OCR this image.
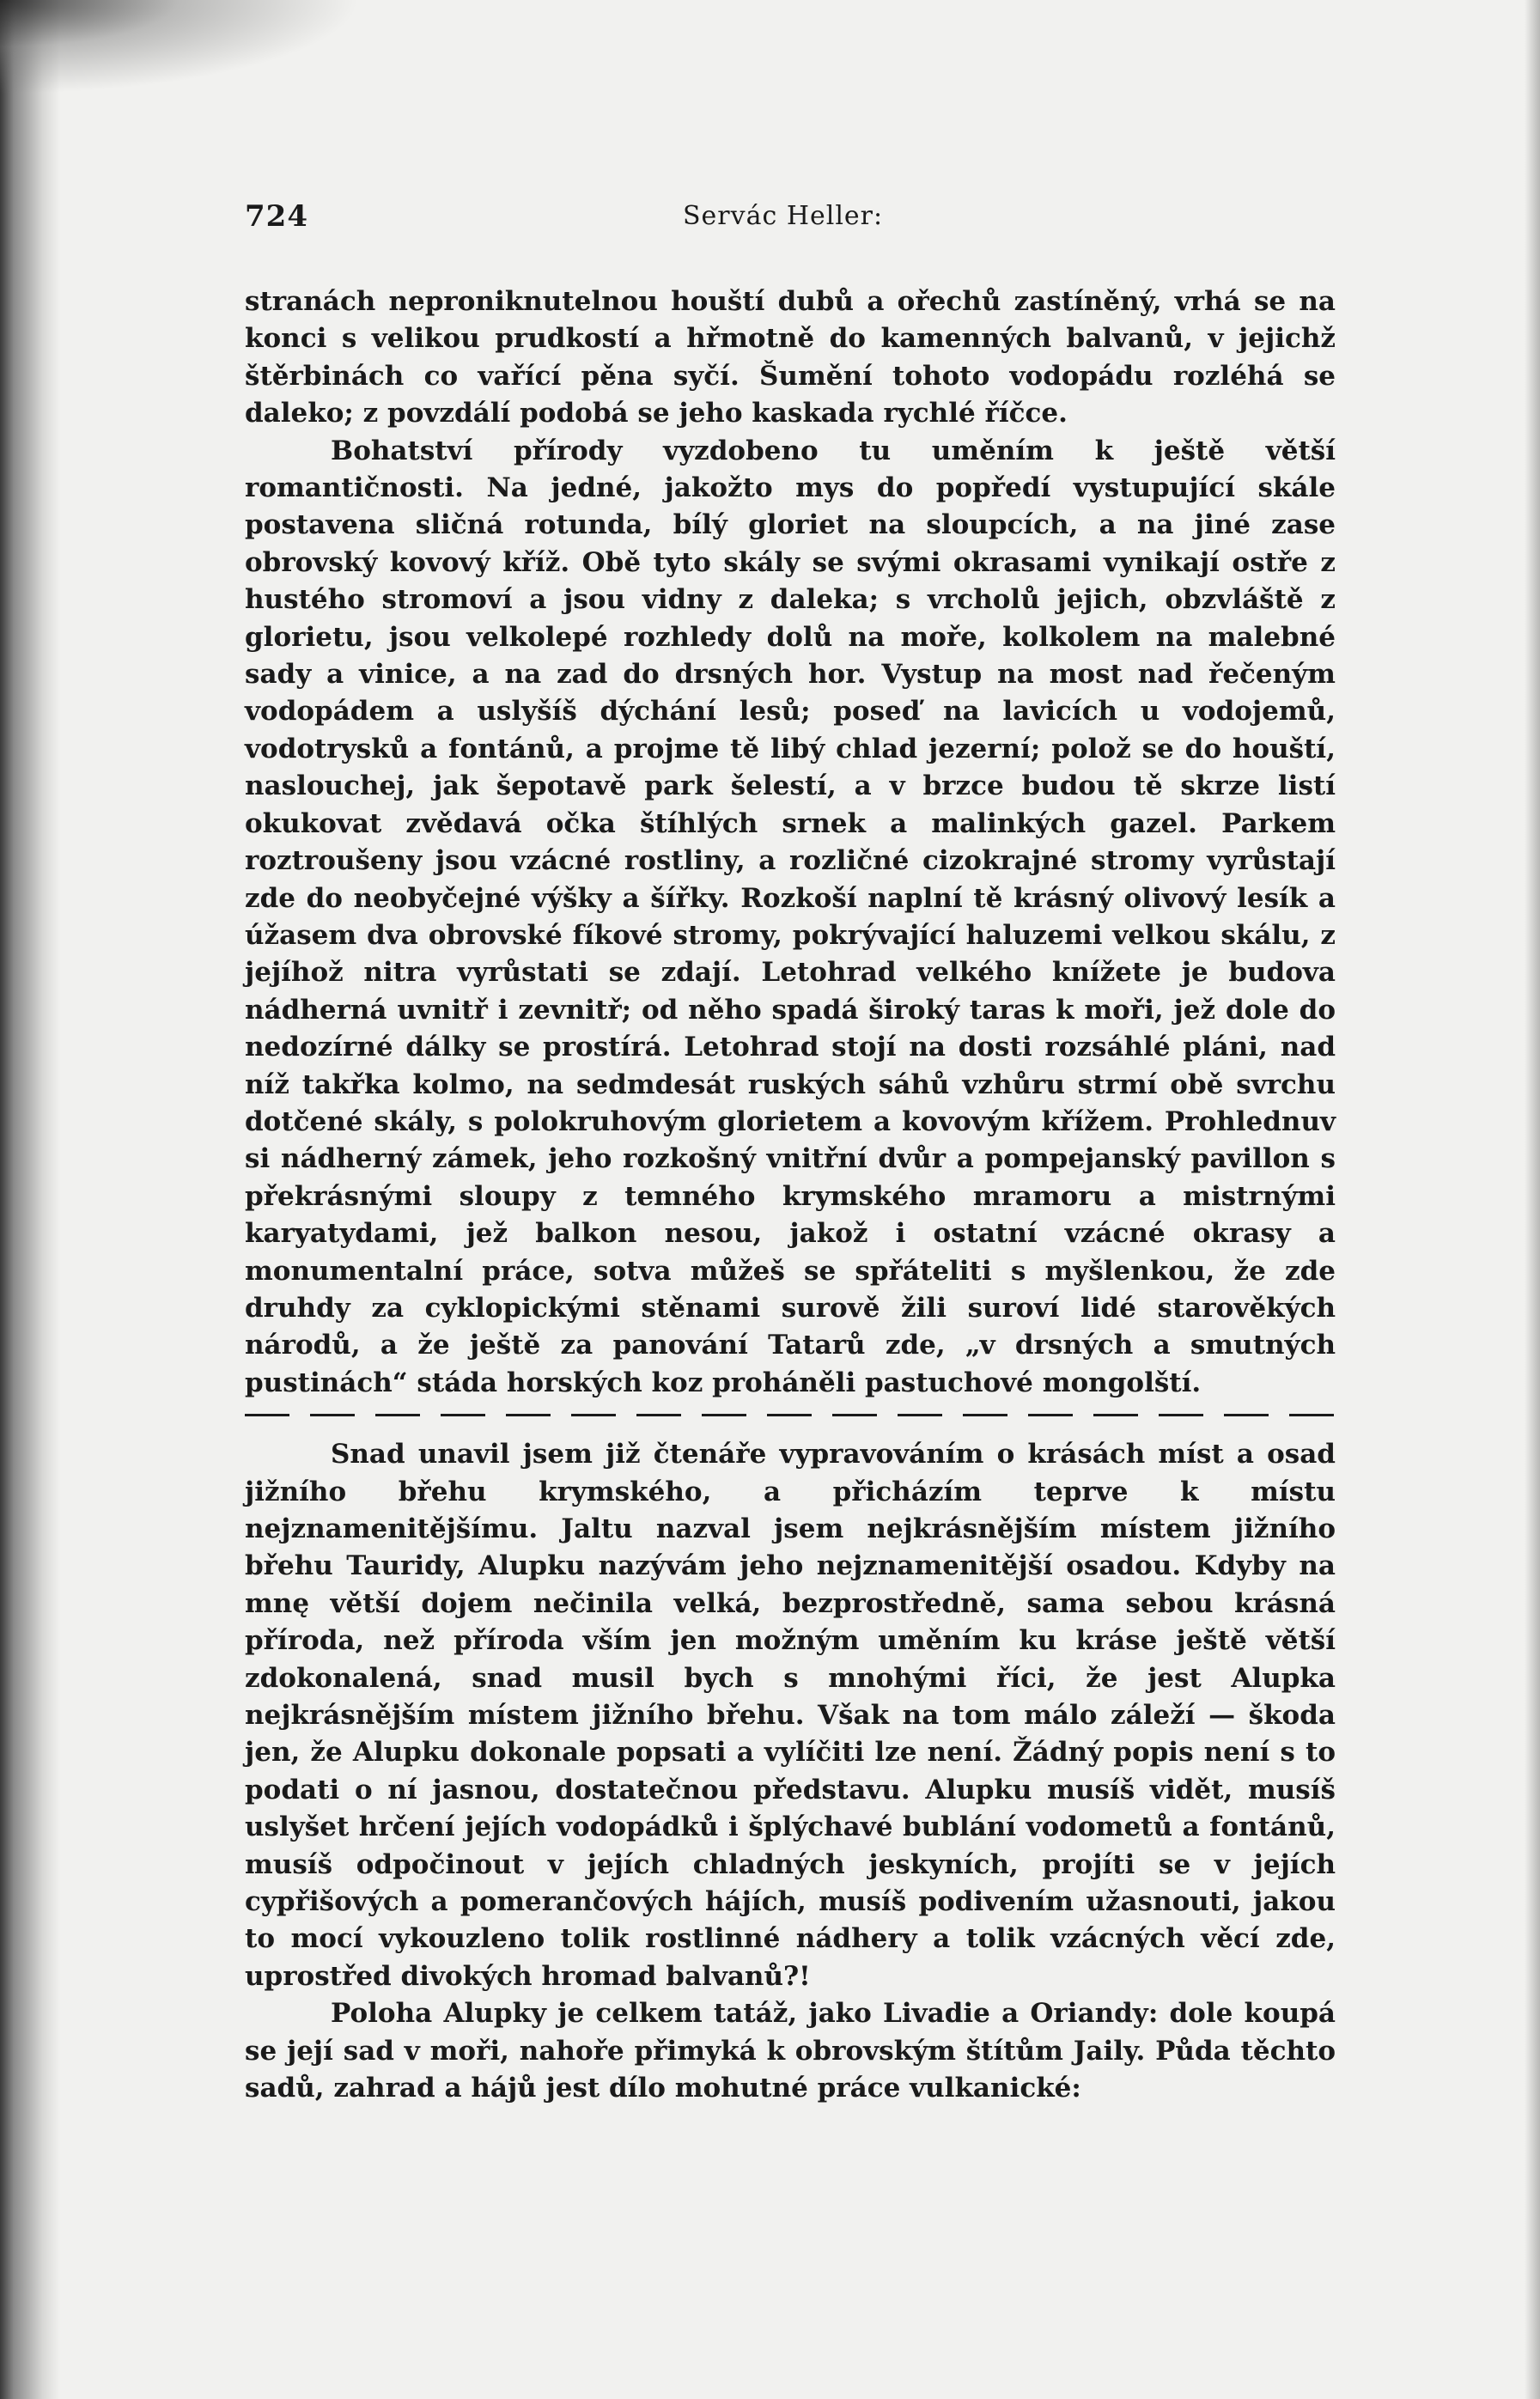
724	Servác Heller:

stranách neproniknutelnou houští dubů a ořechů zastíněný, vrhá se na konci s velikou prudkostí a hřmotně do kamenných balvanů, v jejichž štěrbinách co vařící pěna syčí. Šumění tohoto vodopádu rozléhá se daleko; z povzdálí podobá se jeho kaskada rychlé říčce.

Bohatství přírody vyzdobeno tu uměním k ještě větší romantičnosti. Na jedné, jakožto mys do popředí vystupující skále postavena sličná rotunda, bílý gloriet na sloupcích, a na jiné zase obrovský kovový kříž. Obě tyto skály se svými okrasami vynikají ostře z hustého stromoví a jsou vidny z daleka; s vrcholů jejich, obzvláště z glorietu, jsou velkolepé rozhledy dolů na moře, kolkolem na malebné sady a vinice, a na zad do drsných hor. Vystup na most nad řečeným vodopádem a uslyšíš dýchání lesů; poseď na lavicích u vodojemů, vodotrysků a fontánů, a projme tě libý chlad jezerní; polož se do houští, naslouchej, jak šepotavě park šelestí, a v brzce budou tě skrze listí okukovat zvědavá očka štíhlých srnek a malinkých gazel. Parkem roztroušeny jsou vzácné rostliny, a rozličné cizokrajné stromy vyrůstají zde do neobyčejné výšky a šířky. Rozkoší naplní tě krásný olivový lesík a úžasem dva obrovské fíkové stromy, pokrývající haluzemi velkou skálu, z jejíhož nitra vyrůstati se zdají. Letohrad velkého knížete je budova nádherná uvnitř i zevnitř; od něho spadá široký taras k moři, jež dole do nedozírné dálky se prostírá. Letohrad stojí na dosti rozsáhlé pláni, nad níž takřka kolmo, na sedmdesát ruských sáhů vzhůru strmí obě svrchu dotčené skály, s polokruhovým glorietem a kovovým křížem. Prohlednuv si nádherný zámek, jeho rozkošný vnitřní dvůr a pompejanský pavillon s překrásnými sloupy z temného krymského mramoru a mistrnými karyatydami, jež balkon nesou, jakož i ostatní vzácné okrasy a monumentalní práce, sotva můžeš se spřáteliti s myšlenkou, že zde druhdy za cyklopickými stěnami surově žili suroví lidé starověkých národů, a že ještě za panování Tatarů zde, „v drsných a smutných pustinách“ stáda horských koz proháněli pastuchové mongolští.

Snad unavil jsem již čtenáře vypravováním o krásách míst a osad jižního břehu krymského, a přicházím teprve k místu nejznamenitějšímu. Jaltu nazval jsem nejkrásnějším místem jižního břehu Tauridy, Alupku nazývám jeho nejznamenitější osadou. Kdyby na mnę větší dojem nečinila velká, bezprostředně, sama sebou krásná příroda, než příroda vším jen možným uměním ku kráse ještě větší zdokonalená, snad musil bych s mnohými říci, že jest Alupka nejkrásnějším místem jižního břehu. Však na tom málo záleží — škoda jen, že Alupku dokonale popsati a vylíčiti lze není. Žádný popis není s to podati o ní jasnou, dostatečnou představu. Alupku musíš vidět, musíš uslyšet hrčení jejích vodopádků i šplýchavé bublání vodometů a fontánů, musíš odpočinout v jejích chladných jeskyních, projíti se v jejích cypřišových a pomerančových hájích, musíš podivením užasnouti, jakou to mocí vykouzleno tolik rostlinné nádhery a tolik vzácných věcí zde, uprostřed divokých hromad balvanů?!

Poloha Alupky je celkem tatáž, jako Livadie a Oriandy: dole koupá se její sad v moři, nahoře přimyká k obrovským štítům Jaily. Půda těchto sadů, zahrad a hájů jest dílo mohutné práce vulkanické:
